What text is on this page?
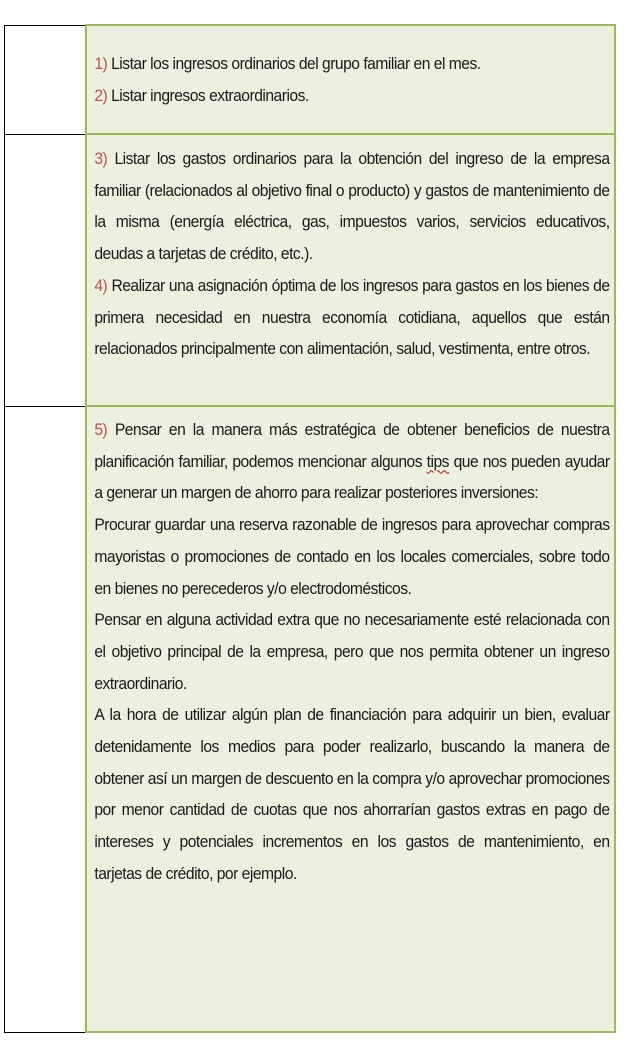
	1) Listar los ingresos ordinarios del grupo familiar en el mes.
2) Listar ingresos extraordinarios.

	3) Listar los gastos ordinarios para la obtención del ingreso de la empresa familiar (relacionados al objetivo final o producto) y gastos de mantenimiento de la misma (energía eléctrica, gas, impuestos varios, servicios educativos, deudas a tarjetas de crédito, etc.).
4) Realizar una asignación óptima de los ingresos para gastos en los bienes de primera necesidad en nuestra economía cotidiana, aquellos que están relacionados principalmente con alimentación, salud, vestimenta, entre otros.

	5) Pensar en la manera más estratégica de obtener beneficios de nuestra planificación familiar, podemos mencionar algunos tips que nos pueden ayudar a generar un margen de ahorro para realizar posteriores inversiones:
Procurar guardar una reserva razonable de ingresos para aprovechar compras mayoristas o promociones de contado en los locales comerciales, sobre todo en bienes no perecederos y/o electrodomésticos.
Pensar en alguna actividad extra que no necesariamente esté relacionada con el objetivo principal de la empresa, pero que nos permita obtener un ingreso extraordinario.
A la hora de utilizar algún plan de financiación para adquirir un bien, evaluar detenidamente los medios para poder realizarlo, buscando la manera de obtener así un margen de descuento en la compra y/o aprovechar promociones por menor cantidad de cuotas que nos ahorrarían gastos extras en pago de intereses y potenciales incrementos en los gastos de mantenimiento, en tarjetas de crédito, por ejemplo.
